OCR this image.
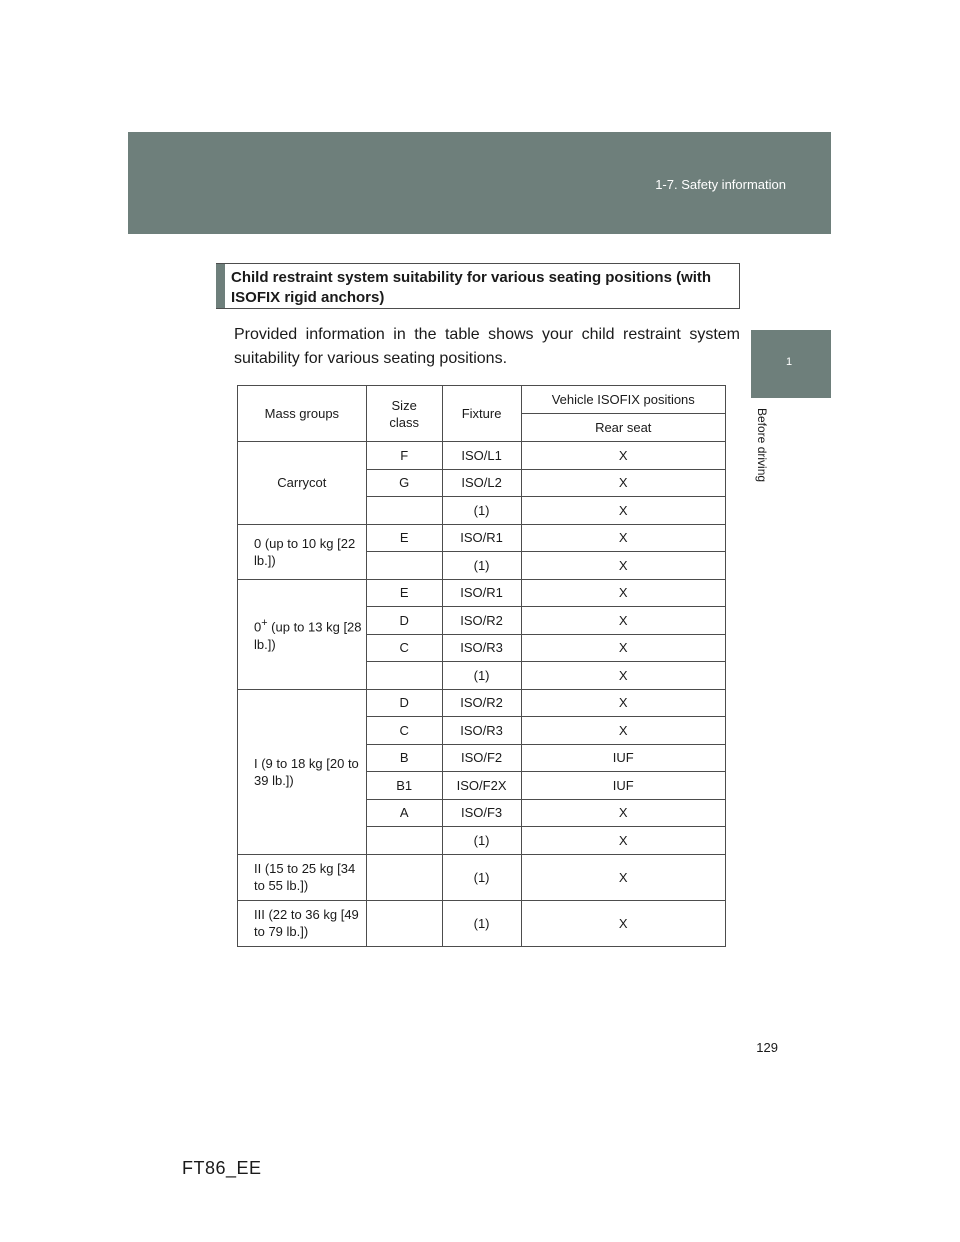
1-7. Safety information
1
Before driving
Child restraint system suitability for various seating positions (with ISOFIX rigid anchors)
Provided information in the table shows your child restraint system suitability for various seating positions.
Mass groups	Size class	Fixture	Vehicle ISOFIX positions
			Rear seat
Carrycot	F	ISO/L1	X
	G	ISO/L2	X
		(1)	X
0 (up to 10 kg [22 lb.])	E	ISO/R1	X
		(1)	X
0+ (up to 13 kg [28 lb.])	E	ISO/R1	X
	D	ISO/R2	X
	C	ISO/R3	X
		(1)	X
I (9 to 18 kg [20 to 39 lb.])	D	ISO/R2	X
	C	ISO/R3	X
	B	ISO/F2	IUF
	B1	ISO/F2X	IUF
	A	ISO/F3	X
		(1)	X
II (15 to 25 kg [34 to 55 lb.])		(1)	X
III (22 to 36 kg [49 to 79 lb.])		(1)	X
129
FT86_EE
